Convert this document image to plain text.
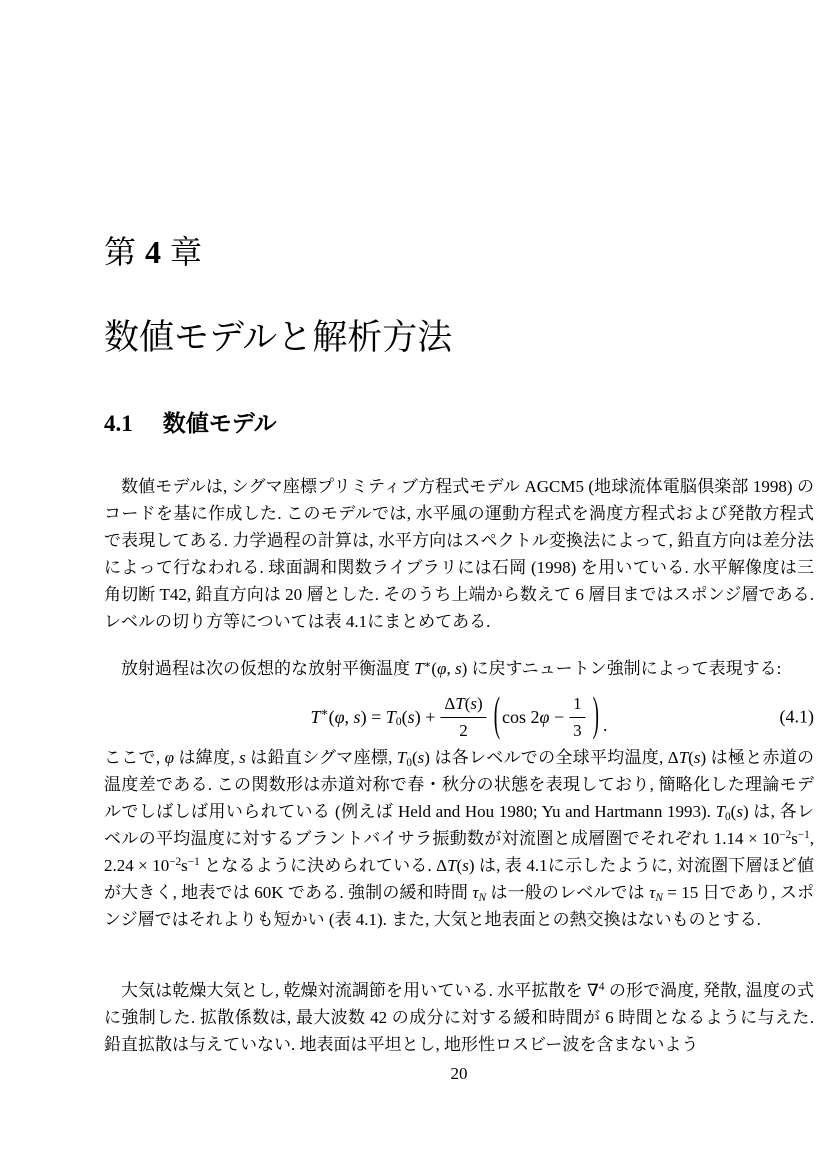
第 4 章
数値モデルと解析方法
4.1 数値モデル
数値モデルは, シグマ座標プリミティブ方程式モデル AGCM5 (地球流体電脳倶楽部 1998) のコードを基に作成した. このモデルでは, 水平風の運動方程式を渦度方程式および発散方程式で表現してある. 力学過程の計算は, 水平方向はスペクトル変換法によって, 鉛直方向は差分法によって行なわれる. 球面調和関数ライブラリには石岡 (1998) を用いている. 水平解像度は三角切断 T42, 鉛直方向は 20 層とした. そのうち上端から数えて 6 層目まではスポンジ層である. レベルの切り方等については表 4.1にまとめてある.
放射過程は次の仮想的な放射平衡温度 T∗(φ, s) に戻すニュートン強制によって表現する:
T∗(φ, $s) = T_0(s) + \frac{\Delta T(s)}{2}$ ( $\cos 2\varphi - \frac{1}{3}$ ) .	(4.1)
ここで, φ は緯度, s は鉛直シグマ座標, $T_0(s)$ は各レベルでの全球平均温度, ΔT(s) は極と赤道の温度差である. この関数形は赤道対称で春・秋分の状態を表現しており, 簡略化した理論モデルでしばしば用いられている (例えば Held and Hou 1980; Yu and Hartmann 1993). $T_0(s)$ は, 各レベルの平均温度に対するブラントバイサラ振動数が対流圏と成層圏でそれぞれ $1.14 \times 10^{-2}s^{-1}$, $2.24 \times 10^{-2}s^{-1}$ となるように決められている. ΔT(s) は, 表 4.1に示したように, 対流圏下層ほど値が大きく, 地表では 60K である. 強制の緩和時間 $\tau_N$ は一般のレベルでは $\tau_N = 15$ 日であり, スポンジ層ではそれよりも短かい (表 4.1). また, 大気と地表面との熱交換はないものとする.
大気は乾燥大気とし, 乾燥対流調節を用いている. 水平拡散を ∇$^4$ の形で渦度, 発散, 温度の式に強制した. 拡散係数は, 最大波数 42 の成分に対する緩和時間が 6 時間となるように与えた. 鉛直拡散は与えていない. 地表面は平坦とし, 地形性ロスビー波を含まないよう
20
